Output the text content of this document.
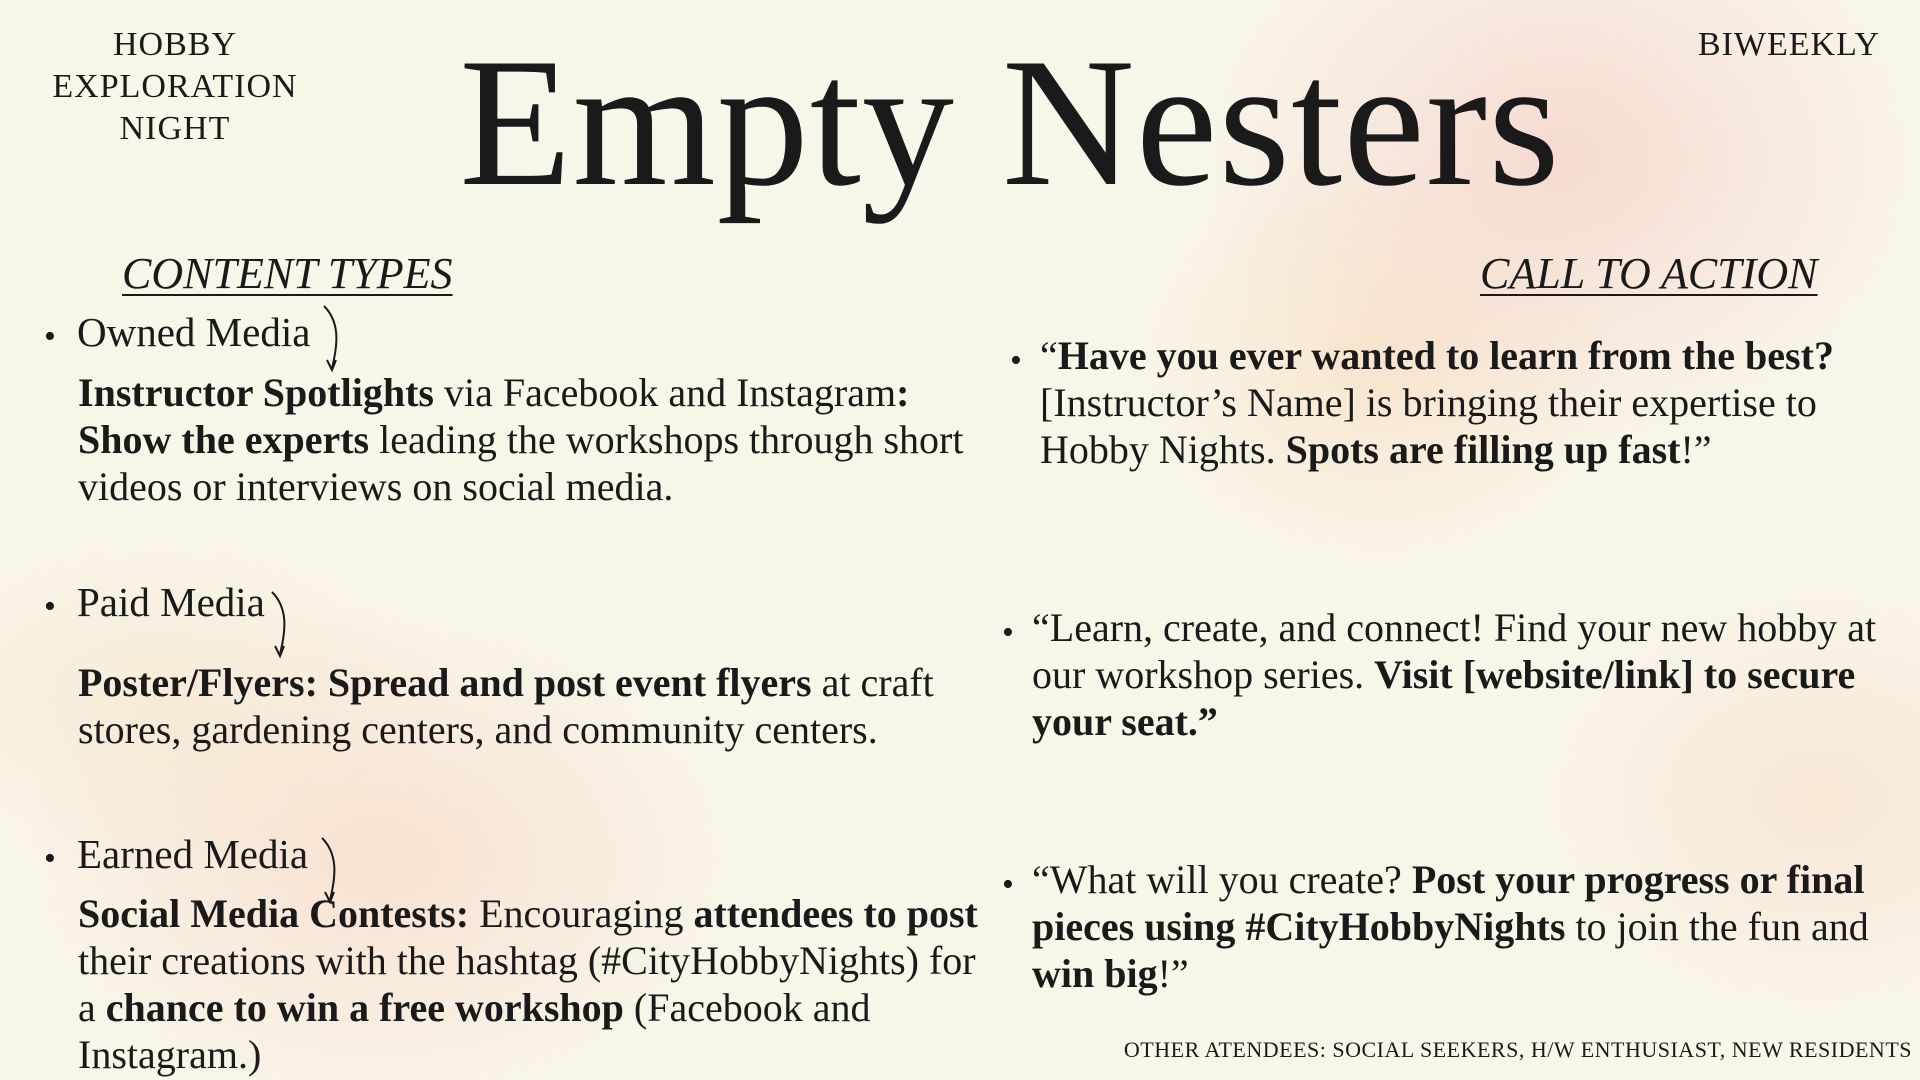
HOBBY
EXPLORATION
NIGHT	Empty Nesters	BIWEEKLY
CONTENT TYPES	CALL TO ACTION
• Owned Media
Instructor Spotlights via Facebook and Instagram: Show the experts leading the workshops through short videos or interviews on social media.
• Paid Media
Poster/Flyers: Spread and post event flyers at craft stores, gardening centers, and community centers.
• Earned Media
Social Media Contests: Encouraging attendees to post their creations with the hashtag (#CityHobbyNights) for a chance to win a free workshop (Facebook and Instagram.)
• “Have you ever wanted to learn from the best? [Instructor’s Name] is bringing their expertise to Hobby Nights. Spots are filling up fast!”
• “Learn, create, and connect! Find your new hobby at our workshop series. Visit [website/link] to secure your seat.”
• “What will you create? Post your progress or final pieces using #CityHobbyNights to join the fun and win big!”
OTHER ATENDEES: SOCIAL SEEKERS, H/W ENTHUSIAST, NEW RESIDENTS
